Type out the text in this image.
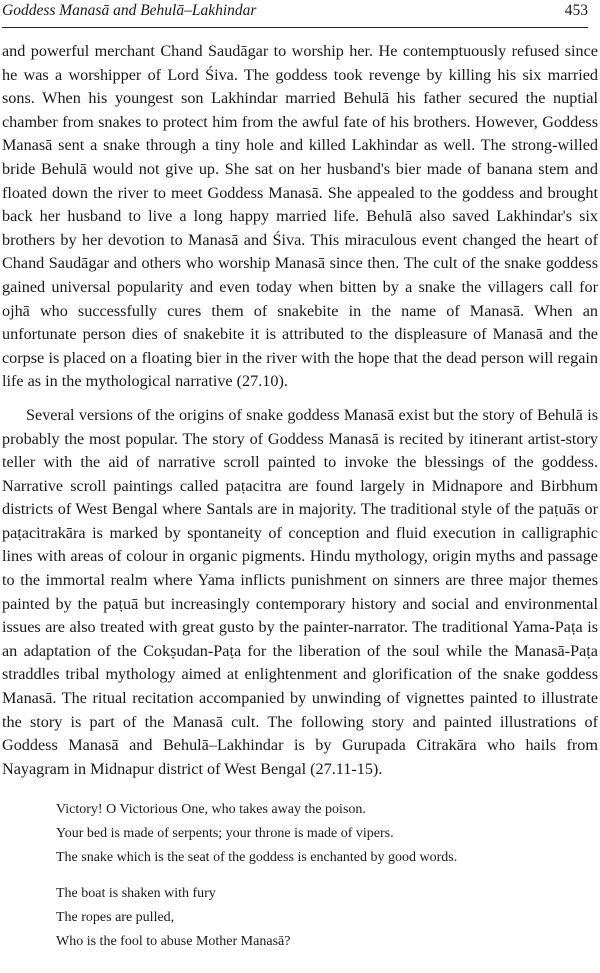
Goddess Manasā and Behulā–Lakhindar	453

and powerful merchant Chand Saudāgar to worship her. He contemptuously refused since he was a worshipper of Lord Śiva. The goddess took revenge by killing his six married sons. When his youngest son Lakhindar married Behulā his father secured the nuptial chamber from snakes to protect him from the awful fate of his brothers. However, Goddess Manasā sent a snake through a tiny hole and killed Lakhindar as well. The strong-willed bride Behulā would not give up. She sat on her husband's bier made of banana stem and floated down the river to meet Goddess Manasā. She appealed to the goddess and brought back her husband to live a long happy married life. Behulā also saved Lakhindar's six brothers by her devotion to Manasā and Śiva. This miraculous event changed the heart of Chand Saudāgar and others who worship Manasā since then. The cult of the snake goddess gained universal popularity and even today when bitten by a snake the villagers call for ojhā who successfully cures them of snakebite in the name of Manasā. When an unfortunate person dies of snakebite it is attributed to the displeasure of Manasā and the corpse is placed on a floating bier in the river with the hope that the dead person will regain life as in the mythological narrative (27.10).

Several versions of the origins of snake goddess Manasā exist but the story of Behulā is probably the most popular. The story of Goddess Manasā is recited by itinerant artist-story teller with the aid of narrative scroll painted to invoke the blessings of the goddess. Narrative scroll paintings called paṭacitra are found largely in Midnapore and Birbhum districts of West Bengal where Santals are in majority. The traditional style of the paṭuās or paṭacitrakāra is marked by spontaneity of conception and fluid execution in calligraphic lines with areas of colour in organic pigments. Hindu mythology, origin myths and passage to the immortal realm where Yama inflicts punishment on sinners are three major themes painted by the paṭuā but increasingly contemporary history and social and environmental issues are also treated with great gusto by the painter-narrator. The traditional Yama-Paṭa is an adaptation of the Cokṣudan-Paṭa for the liberation of the soul while the Manasā-Paṭa straddles tribal mythology aimed at enlightenment and glorification of the snake goddess Manasā. The ritual recitation accompanied by unwinding of vignettes painted to illustrate the story is part of the Manasā cult. The following story and painted illustrations of Goddess Manasā and Behulā–Lakhindar is by Gurupada Citrakāra who hails from Nayagram in Midnapur district of West Bengal (27.11-15).

Victory! O Victorious One, who takes away the poison.
Your bed is made of serpents; your throne is made of vipers.
The snake which is the seat of the goddess is enchanted by good words.
The boat is shaken with fury
The ropes are pulled,
Who is the fool to abuse Mother Manasā?
